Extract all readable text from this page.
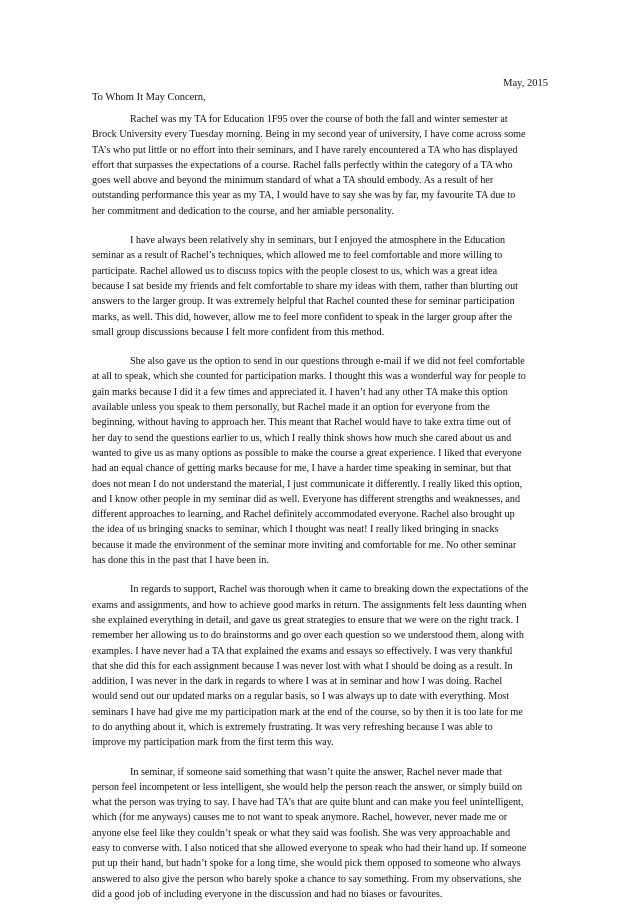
May, 2015
To Whom It May Concern,

Rachel was my TA for Education 1F95 over the course of both the fall and winter semester at
Brock University every Tuesday morning. Being in my second year of university, I have come across some
TA’s who put little or no effort into their seminars, and I have rarely encountered a TA who has displayed
effort that surpasses the expectations of a course. Rachel falls perfectly within the category of a TA who
goes well above and beyond the minimum standard of what a TA should embody. As a result of her
outstanding performance this year as my TA, I would have to say she was by far, my favourite TA due to
her commitment and dedication to the course, and her amiable personality.

I have always been relatively shy in seminars, but I enjoyed the atmosphere in the Education
seminar as a result of Rachel’s techniques, which allowed me to feel comfortable and more willing to
participate. Rachel allowed us to discuss topics with the people closest to us, which was a great idea
because I sat beside my friends and felt comfortable to share my ideas with them, rather than blurting out
answers to the larger group. It was extremely helpful that Rachel counted these for seminar participation
marks, as well. This did, however, allow me to feel more confident to speak in the larger group after the
small group discussions because I felt more confident from this method.

She also gave us the option to send in our questions through e-mail if we did not feel comfortable
at all to speak, which she counted for participation marks. I thought this was a wonderful way for people to
gain marks because I did it a few times and appreciated it. I haven’t had any other TA make this option
available unless you speak to them personally, but Rachel made it an option for everyone from the
beginning, without having to approach her. This meant that Rachel would have to take extra time out of
her day to send the questions earlier to us, which I really think shows how much she cared about us and
wanted to give us as many options as possible to make the course a great experience. I liked that everyone
had an equal chance of getting marks because for me, I have a harder time speaking in seminar, but that
does not mean I do not understand the material, I just communicate it differently. I really liked this option,
and I know other people in my seminar did as well. Everyone has different strengths and weaknesses, and
different approaches to learning, and Rachel definitely accommodated everyone. Rachel also brought up
the idea of us bringing snacks to seminar, which I thought was neat! I really liked bringing in snacks
because it made the environment of the seminar more inviting and comfortable for me. No other seminar
has done this in the past that I have been in.

In regards to support, Rachel was thorough when it came to breaking down the expectations of the
exams and assignments, and how to achieve good marks in return. The assignments felt less daunting when
she explained everything in detail, and gave us great strategies to ensure that we were on the right track. I
remember her allowing us to do brainstorms and go over each question so we understood them, along with
examples. I have never had a TA that explained the exams and essays so effectively. I was very thankful
that she did this for each assignment because I was never lost with what I should be doing as a result. In
addition, I was never in the dark in regards to where I was at in seminar and how I was doing. Rachel
would send out our updated marks on a regular basis, so I was always up to date with everything. Most
seminars I have had give me my participation mark at the end of the course, so by then it is too late for me
to do anything about it, which is extremely frustrating. It was very refreshing because I was able to
improve my participation mark from the first term this way.

In seminar, if someone said something that wasn’t quite the answer, Rachel never made that
person feel incompetent or less intelligent, she would help the person reach the answer, or simply build on
what the person was trying to say. I have had TA’s that are quite blunt and can make you feel unintelligent,
which (for me anyways) causes me to not want to speak anymore. Rachel, however, never made me or
anyone else feel like they couldn’t speak or what they said was foolish. She was very approachable and
easy to converse with. I also noticed that she allowed everyone to speak who had their hand up. If someone
put up their hand, but hadn’t spoke for a long time, she would pick them opposed to someone who always
answered to also give the person who barely spoke a chance to say something. From my observations, she
did a good job of including everyone in the discussion and had no biases or favourites.
